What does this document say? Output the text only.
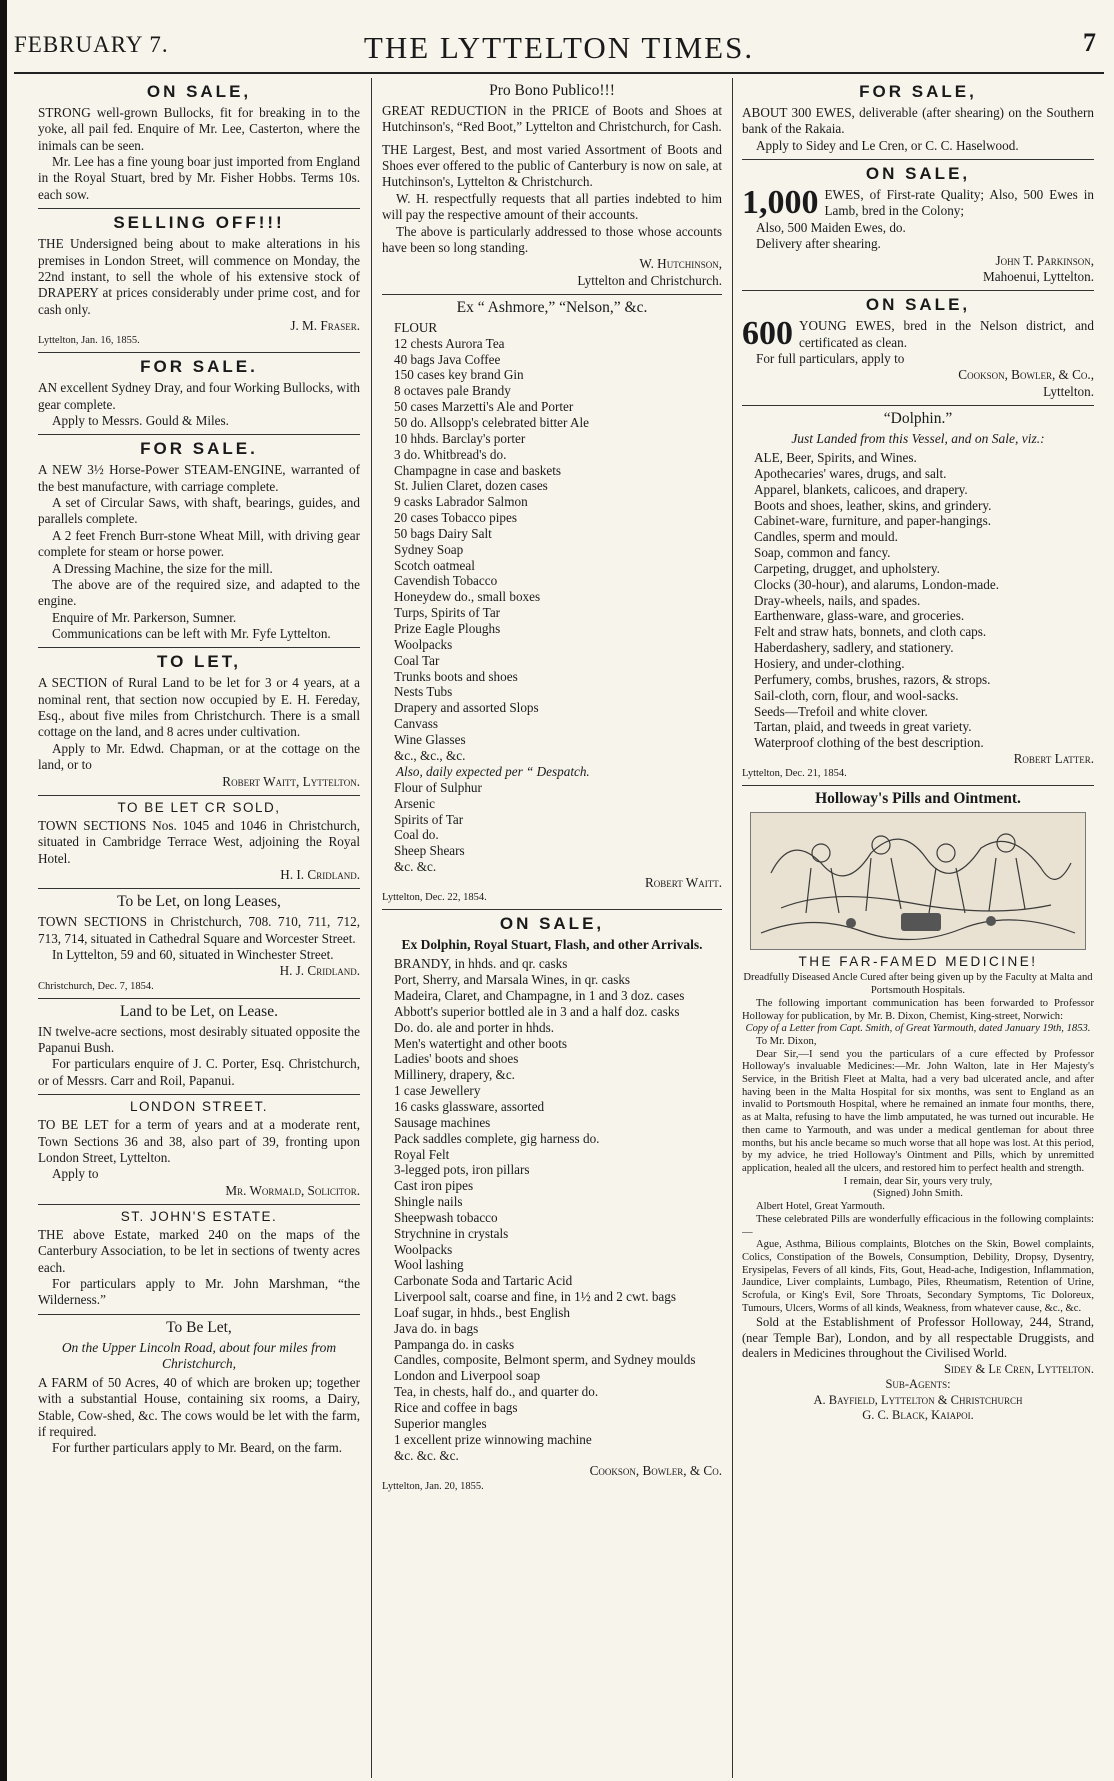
FEBRUARY 7.	THE LYTTELTON TIMES.	7
ON SALE,

STRONG well-grown Bullocks, fit for breaking in to the yoke, all pail fed. Enquire of Mr. Lee, Casterton, where the inimals can be seen.

Mr. Lee has a fine young boar just imported from England in the Royal Stuart, bred by Mr. Fisher Hobbs. Terms 10s. each sow.

SELLING OFF!!!

THE Undersigned being about to make alterations in his premises in London Street, will commence on Monday, the 22nd instant, to sell the whole of his extensive stock of DRAPERY at prices considerably under prime cost, and for cash only.

J. M. Fraser.

Lyttelton, Jan. 16, 1855.

FOR SALE.

AN excellent Sydney Dray, and four Working Bullocks, with gear complete.

Apply to Messrs. Gould & Miles.

FOR SALE.

A NEW 3½ Horse-Power STEAM-ENGINE, warranted of the best manufacture, with carriage complete.

A set of Circular Saws, with shaft, bearings, guides, and parallels complete.

A 2 feet French Burr-stone Wheat Mill, with driving gear complete for steam or horse power.

A Dressing Machine, the size for the mill.

The above are of the required size, and adapted to the engine.

Enquire of Mr. Parkerson, Sumner.

Communications can be left with Mr. Fyfe Lyttelton.

TO LET,

A SECTION of Rural Land to be let for 3 or 4 years, at a nominal rent, that section now occupied by E. H. Fereday, Esq., about five miles from Christchurch. There is a small cottage on the land, and 8 acres under cultivation.

Apply to Mr. Edwd. Chapman, or at the cottage on the land, or to

Robert Waitt, Lyttelton.

TO BE LET CR SOLD,

TOWN SECTIONS Nos. 1045 and 1046 in Christchurch, situated in Cambridge Terrace West, adjoining the Royal Hotel.

H. I. Cridland.

To be Let, on long Leases,

TOWN SECTIONS in Christchurch, 708. 710, 711, 712, 713, 714, situated in Cathedral Square and Worcester Street.

In Lyttelton, 59 and 60, situated in Winchester Street.

H. J. Cridland.

Christchurch, Dec. 7, 1854.

Land to be Let, on Lease.

IN twelve-acre sections, most desirably situated opposite the Papanui Bush.

For particulars enquire of J. C. Porter, Esq. Christchurch, or of Messrs. Carr and Roil, Papanui.

LONDON STREET.

TO BE LET for a term of years and at a moderate rent, Town Sections 36 and 38, also part of 39, fronting upon London Street, Lyttelton.

Apply to

Mr. Wormald, Solicitor.

ST. JOHN'S ESTATE.

THE above Estate, marked 240 on the maps of the Canterbury Association, to be let in sections of twenty acres each.

For particulars apply to Mr. John Marshman, “the Wilderness.”

To Be Let,
On the Upper Lincoln Road, about four miles from Christchurch,

A FARM of 50 Acres, 40 of which are broken up; together with a substantial House, containing six rooms, a Dairy, Stable, Cow-shed, &c. The cows would be let with the farm, if required.

For further particulars apply to Mr. Beard, on the farm.

Pro Bono Publico!!!

GREAT REDUCTION in the PRICE of Boots and Shoes at Hutchinson's, “Red Boot,” Lyttelton and Christchurch, for Cash.

THE Largest, Best, and most varied Assortment of Boots and Shoes ever offered to the public of Canterbury is now on sale, at Hutchinson's, Lyttelton & Christchurch.

W. H. respectfully requests that all parties indebted to him will pay the respective amount of their accounts.

The above is particularly addressed to those whose accounts have been so long standing.

W. Hutchinson,

Lyttelton and Christchurch.

Ex “ Ashmore,” “Nelson,” &c.

FLOUR

12 chests Aurora Tea

40 bags Java Coffee

150 cases key brand Gin

8 octaves pale Brandy

50 cases Marzetti's Ale and Porter

50 do. Allsopp's celebrated bitter Ale

10 hhds. Barclay's porter

3 do. Whitbread's do.

Champagne in case and baskets

St. Julien Claret, dozen cases

9 casks Labrador Salmon

20 cases Tobacco pipes

50 bags Dairy Salt

Sydney Soap

Scotch oatmeal

Cavendish Tobacco

Honeydew do., small boxes

Turps, Spirits of Tar

Prize Eagle Ploughs

Woolpacks

Coal Tar

Trunks boots and shoes

Nests Tubs

Drapery and assorted Slops

Canvass

Wine Glasses

&c., &c., &c.

Also, daily expected per “ Despatch.

Flour of Sulphur

Arsenic

Spirits of Tar

Coal do.

Sheep Shears

&c. &c.

Robert Waitt.

Lyttelton, Dec. 22, 1854.

ON SALE,
Ex Dolphin, Royal Stuart, Flash, and other Arrivals.

BRANDY, in hhds. and qr. casks

Port, Sherry, and Marsala Wines, in qr. casks

Madeira, Claret, and Champagne, in 1 and 3 doz. cases

Abbott's superior bottled ale in 3 and a half doz. casks

Do. do. ale and porter in hhds.

Men's watertight and other boots

Ladies' boots and shoes

Millinery, drapery, &c.

1 case Jewellery

16 casks glassware, assorted

Sausage machines

Pack saddles complete, gig harness do.

Royal Felt

3-legged pots, iron pillars

Cast iron pipes

Shingle nails

Sheepwash tobacco

Strychnine in crystals

Woolpacks

Wool lashing

Carbonate Soda and Tartaric Acid

Liverpool salt, coarse and fine, in 1½ and 2 cwt. bags

Loaf sugar, in hhds., best English

Java do. in bags

Pampanga do. in casks

Candles, composite, Belmont sperm, and Sydney moulds

London and Liverpool soap

Tea, in chests, half do., and quarter do.

Rice and coffee in bags

Superior mangles

1 excellent prize winnowing machine

&c. &c. &c.

Cookson, Bowler, & Co.

Lyttelton, Jan. 20, 1855.

FOR SALE,

ABOUT 300 EWES, deliverable (after shearing) on the Southern bank of the Rakaia.

Apply to Sidey and Le Cren, or C. C. Haselwood.

ON SALE,
1,000 EWES, of First-rate Quality; Also, 500 Ewes in Lamb, bred in the Colony;

Also, 500 Maiden Ewes, do.

Delivery after shearing.

John T. Parkinson,

Mahoenui, Lyttelton.

ON SALE,
600 YOUNG EWES, bred in the Nelson district, and certificated as clean.

For full particulars, apply to

Cookson, Bowler, & Co.,

Lyttelton.

“Dolphin.”
Just Landed from this Vessel, and on Sale, viz.:

ALE, Beer, Spirits, and Wines.

Apothecaries' wares, drugs, and salt.

Apparel, blankets, calicoes, and drapery.

Boots and shoes, leather, skins, and grindery.

Cabinet-ware, furniture, and paper-hangings.

Candles, sperm and mould.

Soap, common and fancy.

Carpeting, drugget, and upholstery.

Clocks (30-hour), and alarums, London-made.

Dray-wheels, nails, and spades.

Earthenware, glass-ware, and groceries.

Felt and straw hats, bonnets, and cloth caps.

Haberdashery, sadlery, and stationery.

Hosiery, and under-clothing.

Perfumery, combs, brushes, razors, & strops.

Sail-cloth, corn, flour, and wool-sacks.

Seeds—Trefoil and white clover.

Tartan, plaid, and tweeds in great variety.

Waterproof clothing of the best description.

Robert Latter.

Lyttelton, Dec. 21, 1854.

Holloway's Pills and Ointment.
THE FAR-FAMED MEDICINE!

Dreadfully Diseased Ancle Cured after being given up by the Faculty at Malta and Portsmouth Hospitals.

The following important communication has been forwarded to Professor Holloway for publication, by Mr. B. Dixon, Chemist, King-street, Norwich:

Copy of a Letter from Capt. Smith, of Great Yarmouth, dated January 19th, 1853.

To Mr. Dixon,

Dear Sir,—I send you the particulars of a cure effected by Professor Holloway's invaluable Medicines:—Mr. John Walton, late in Her Majesty's Service, in the British Fleet at Malta, had a very bad ulcerated ancle, and after having been in the Malta Hospital for six months, was sent to England as an invalid to Portsmouth Hospital, where he remained an inmate four months, there, as at Malta, refusing to have the limb amputated, he was turned out incurable. He then came to Yarmouth, and was under a medical gentleman for about three months, but his ancle became so much worse that all hope was lost. At this period, by my advice, he tried Holloway's Ointment and Pills, which by unremitted application, healed all the ulcers, and restored him to perfect health and strength.

I remain, dear Sir, yours very truly,

(Signed) John Smith.

Albert Hotel, Great Yarmouth.

These celebrated Pills are wonderfully efficacious in the following complaints:—

Ague, Asthma, Bilious complaints, Blotches on the Skin, Bowel complaints, Colics, Constipation of the Bowels, Consumption, Debility, Dropsy, Dysentry, Erysipelas, Fevers of all kinds, Fits, Gout, Head-ache, Indigestion, Inflammation, Jaundice, Liver complaints, Lumbago, Piles, Rheumatism, Retention of Urine, Scrofula, or King's Evil, Sore Throats, Secondary Symptoms, Tic Doloreux, Tumours, Ulcers, Worms of all kinds, Weakness, from whatever cause, &c., &c.

Sold at the Establishment of Professor Holloway, 244, Strand, (near Temple Bar), London, and by all respectable Druggists, and dealers in Medicines throughout the Civilised World.

Sidey & Le Cren, Lyttelton.

Sub-Agents:

A. Bayfield, Lyttelton & Christchurch

G. C. Black, Kaiapoi.
